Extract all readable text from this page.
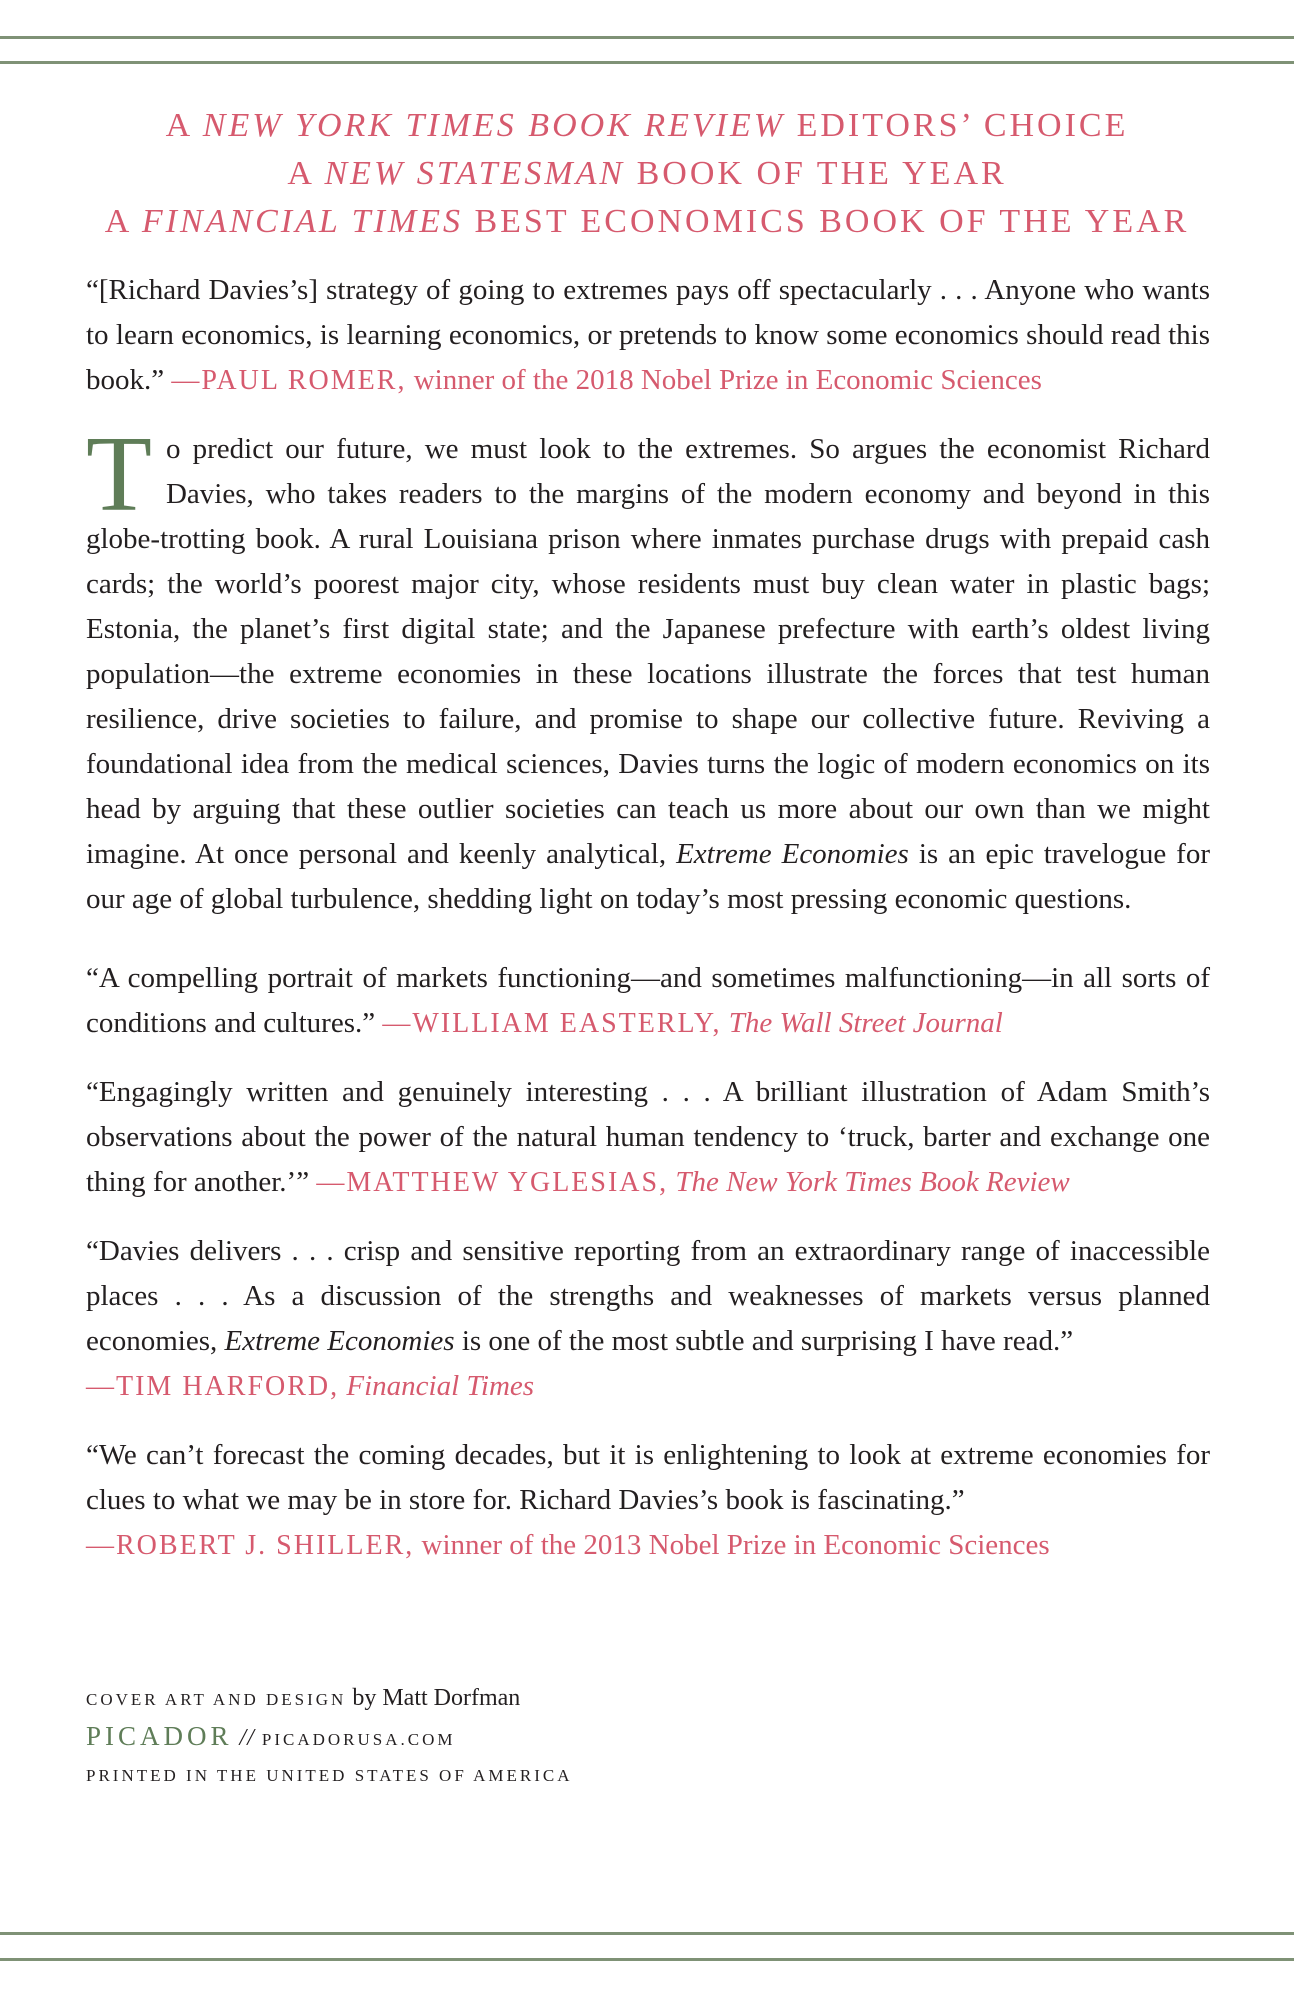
A NEW YORK TIMES BOOK REVIEW EDITORS’ CHOICE
A NEW STATESMAN BOOK OF THE YEAR
A FINANCIAL TIMES BEST ECONOMICS BOOK OF THE YEAR

“[Richard Davies’s] strategy of going to extremes pays off spectacularly . . . Anyone who wants to learn economics, is learning economics, or pretends to know some economics should read this book.” —PAUL ROMER, winner of the 2018 Nobel Prize in Economic Sciences

To predict our future, we must look to the extremes. So argues the economist Richard Davies, who takes readers to the margins of the modern economy and beyond in this globe-trotting book. A rural Louisiana prison where inmates purchase drugs with prepaid cash cards; the world’s poorest major city, whose residents must buy clean water in plastic bags; Estonia, the planet’s first digital state; and the Japanese prefecture with earth’s oldest living population—the extreme economies in these locations illustrate the forces that test human resilience, drive societies to failure, and promise to shape our collective future. Reviving a foundational idea from the medical sciences, Davies turns the logic of modern economics on its head by arguing that these outlier societies can teach us more about our own than we might imagine. At once personal and keenly analytical, Extreme Economies is an epic travelogue for our age of global turbulence, shedding light on today’s most pressing economic questions.

“A compelling portrait of markets functioning—and sometimes malfunctioning—in all sorts of conditions and cultures.” —WILLIAM EASTERLY, The Wall Street Journal

“Engagingly written and genuinely interesting . . . A brilliant illustration of Adam Smith’s observations about the power of the natural human tendency to ‘truck, barter and exchange one thing for another.’” —MATTHEW YGLESIAS, The New York Times Book Review

“Davies delivers . . . crisp and sensitive reporting from an extraordinary range of inaccessible places . . . As a discussion of the strengths and weaknesses of markets versus planned economies, Extreme Economies is one of the most subtle and surprising I have read.”
—TIM HARFORD, Financial Times

“We can’t forecast the coming decades, but it is enlightening to look at extreme economies for clues to what we may be in store for. Richard Davies’s book is fascinating.”
—ROBERT J. SHILLER, winner of the 2013 Nobel Prize in Economic Sciences

COVER ART AND DESIGN by Matt Dorfman
PICADOR // PICADORUSA.COM
PRINTED IN THE UNITED STATES OF AMERICA
